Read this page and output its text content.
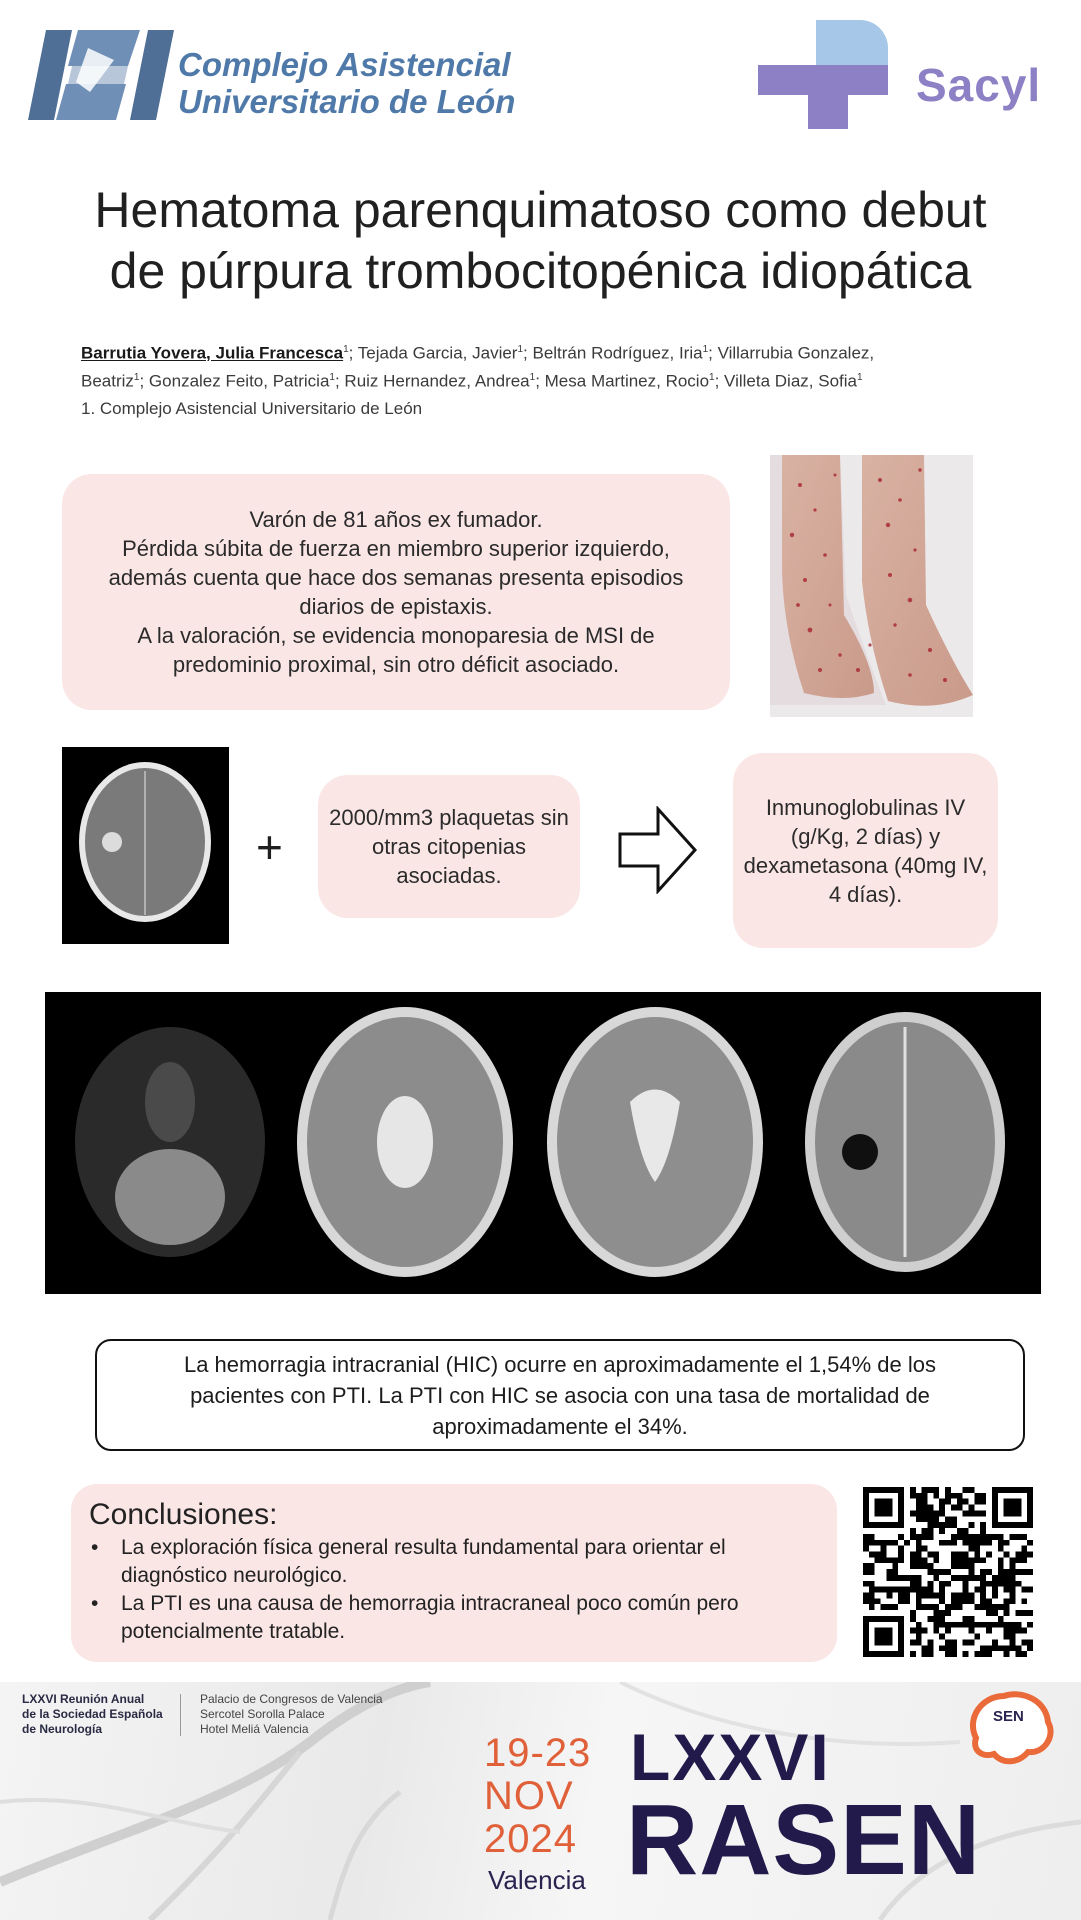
Complejo Asistencial
Universitario de León	Sacyl
Hematoma parenquimatoso como debut
de púrpura trombocitopénica idiopática
Barrutia Yovera, Julia Francesca$^1$; Tejada Garcia, Javier$^1$; Beltrán Rodríguez, Iria$^1$; Villarrubia Gonzalez,
Beatriz$^1$; Gonzalez Feito, Patricia$^1$; Ruiz Hernandez, Andrea$^1$; Mesa Martinez, Rocio$^1$; Villeta Diaz, Sofia$^1$
1. Complejo Asistencial Universitario de León
Varón de 81 años ex fumador.
Pérdida súbita de fuerza en miembro superior izquierdo, además cuenta que hace dos semanas presenta episodios diarios de epistaxis.
A la valoración, se evidencia monoparesia de MSI de predominio proximal, sin otro déficit asociado.
+
2000/mm3 plaquetas sin otras citopenias asociadas.
Inmunoglobulinas IV (g/Kg, 2 días) y dexametasona (40mg IV, 4 días).
La hemorragia intracranial (HIC) ocurre en aproximadamente el 1,54% de los pacientes con PTI. La PTI con HIC se asocia con una tasa de mortalidad de aproximadamente el 34%.
Conclusiones:
• La exploración física general resulta fundamental para orientar el diagnóstico neurológico.
• La PTI es una causa de hemorragia intracraneal poco común pero potencialmente tratable.
LXXVI Reunión Anual
de la Sociedad Española
de Neurología
Palacio de Congresos de Valencia
Sercotel Sorolla Palace
Hotel Meliá Valencia
19-23
NOV
2024
Valencia
LXXVI
RASEN
SEN
